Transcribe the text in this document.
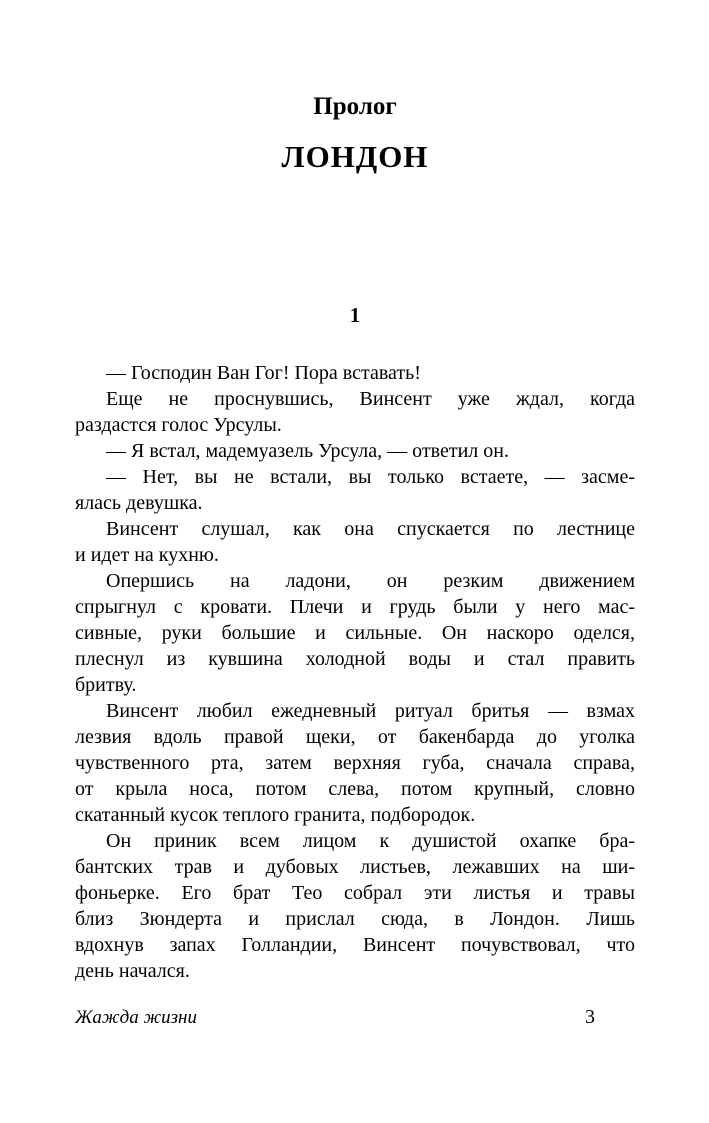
Пролог
ЛОНДОН
1
— Господин Ван Гог! Пора вставать!
Еще не проснувшись, Винсент уже ждал, когда
раздастся голос Урсулы.
— Я встал, мадемуазель Урсула, — ответил он.
— Нет, вы не встали, вы только встаете, — засме-
ялась девушка.
Винсент слушал, как она спускается по лестнице
и идет на кухню.
Опершись на ладони, он резким движением
спрыгнул с кровати. Плечи и грудь были у него мас-
сивные, руки большие и сильные. Он наскоро оделся,
плеснул из кувшина холодной воды и стал править
бритву.
Винсент любил ежедневный ритуал бритья — взмах
лезвия вдоль правой щеки, от бакенбарда до уголка
чувственного рта, затем верхняя губа, сначала справа,
от крыла носа, потом слева, потом крупный, словно
скатанный кусок теплого гранита, подбородок.
Он приник всем лицом к душистой охапке бра-
бантских трав и дубовых листьев, лежавших на ши-
фоньерке. Его брат Тео собрал эти листья и травы
близ Зюндерта и прислал сюда, в Лондон. Лишь
вдохнув запах Голландии, Винсент почувствовал, что
день начался.
Жажда жизни	3
